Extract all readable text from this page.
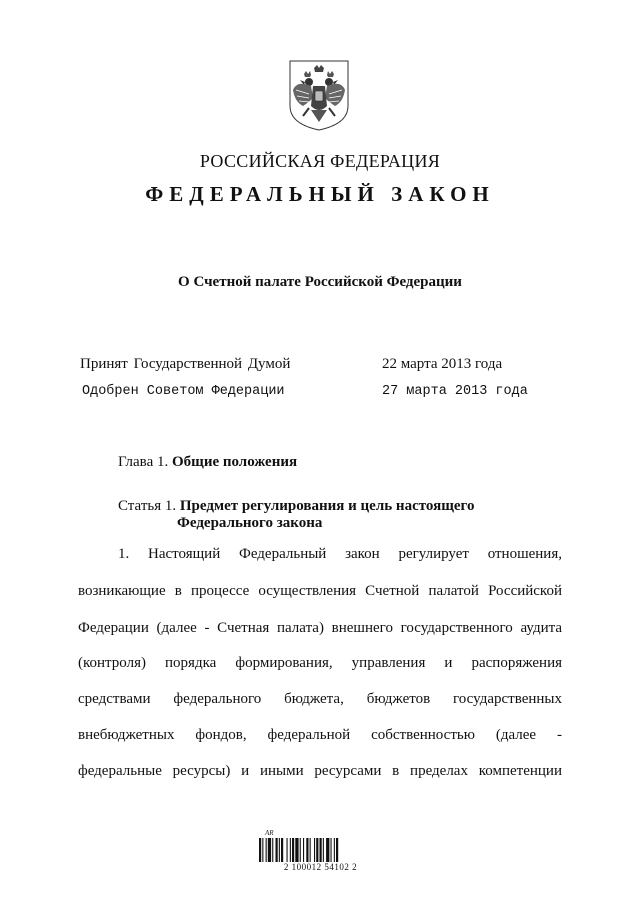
РОССИЙСКАЯ ФЕДЕРАЦИЯ
ФЕДЕРАЛЬНЫЙ ЗАКОН
О Счетной палате Российской Федерации
Принят Государственной Думой	22 марта 2013 года
Одобрен Советом Федерации	27 марта 2013 года
Глава 1. Общие положения
Статья 1. Предмет регулирования и цель настоящего
Федерального закона
1. Настоящий Федеральный закон регулирует отношения,
возникающие в процессе осуществления Счетной палатой Российской
Федерации (далее - Счетная палата) внешнего государственного аудита
(контроля) порядка формирования, управления и распоряжения
средствами федерального бюджета, бюджетов государственных
внебюджетных фондов, федеральной собственностью (далее -
федеральные ресурсы) и иными ресурсами в пределах компетенции
AR
2 100012 54102 2
